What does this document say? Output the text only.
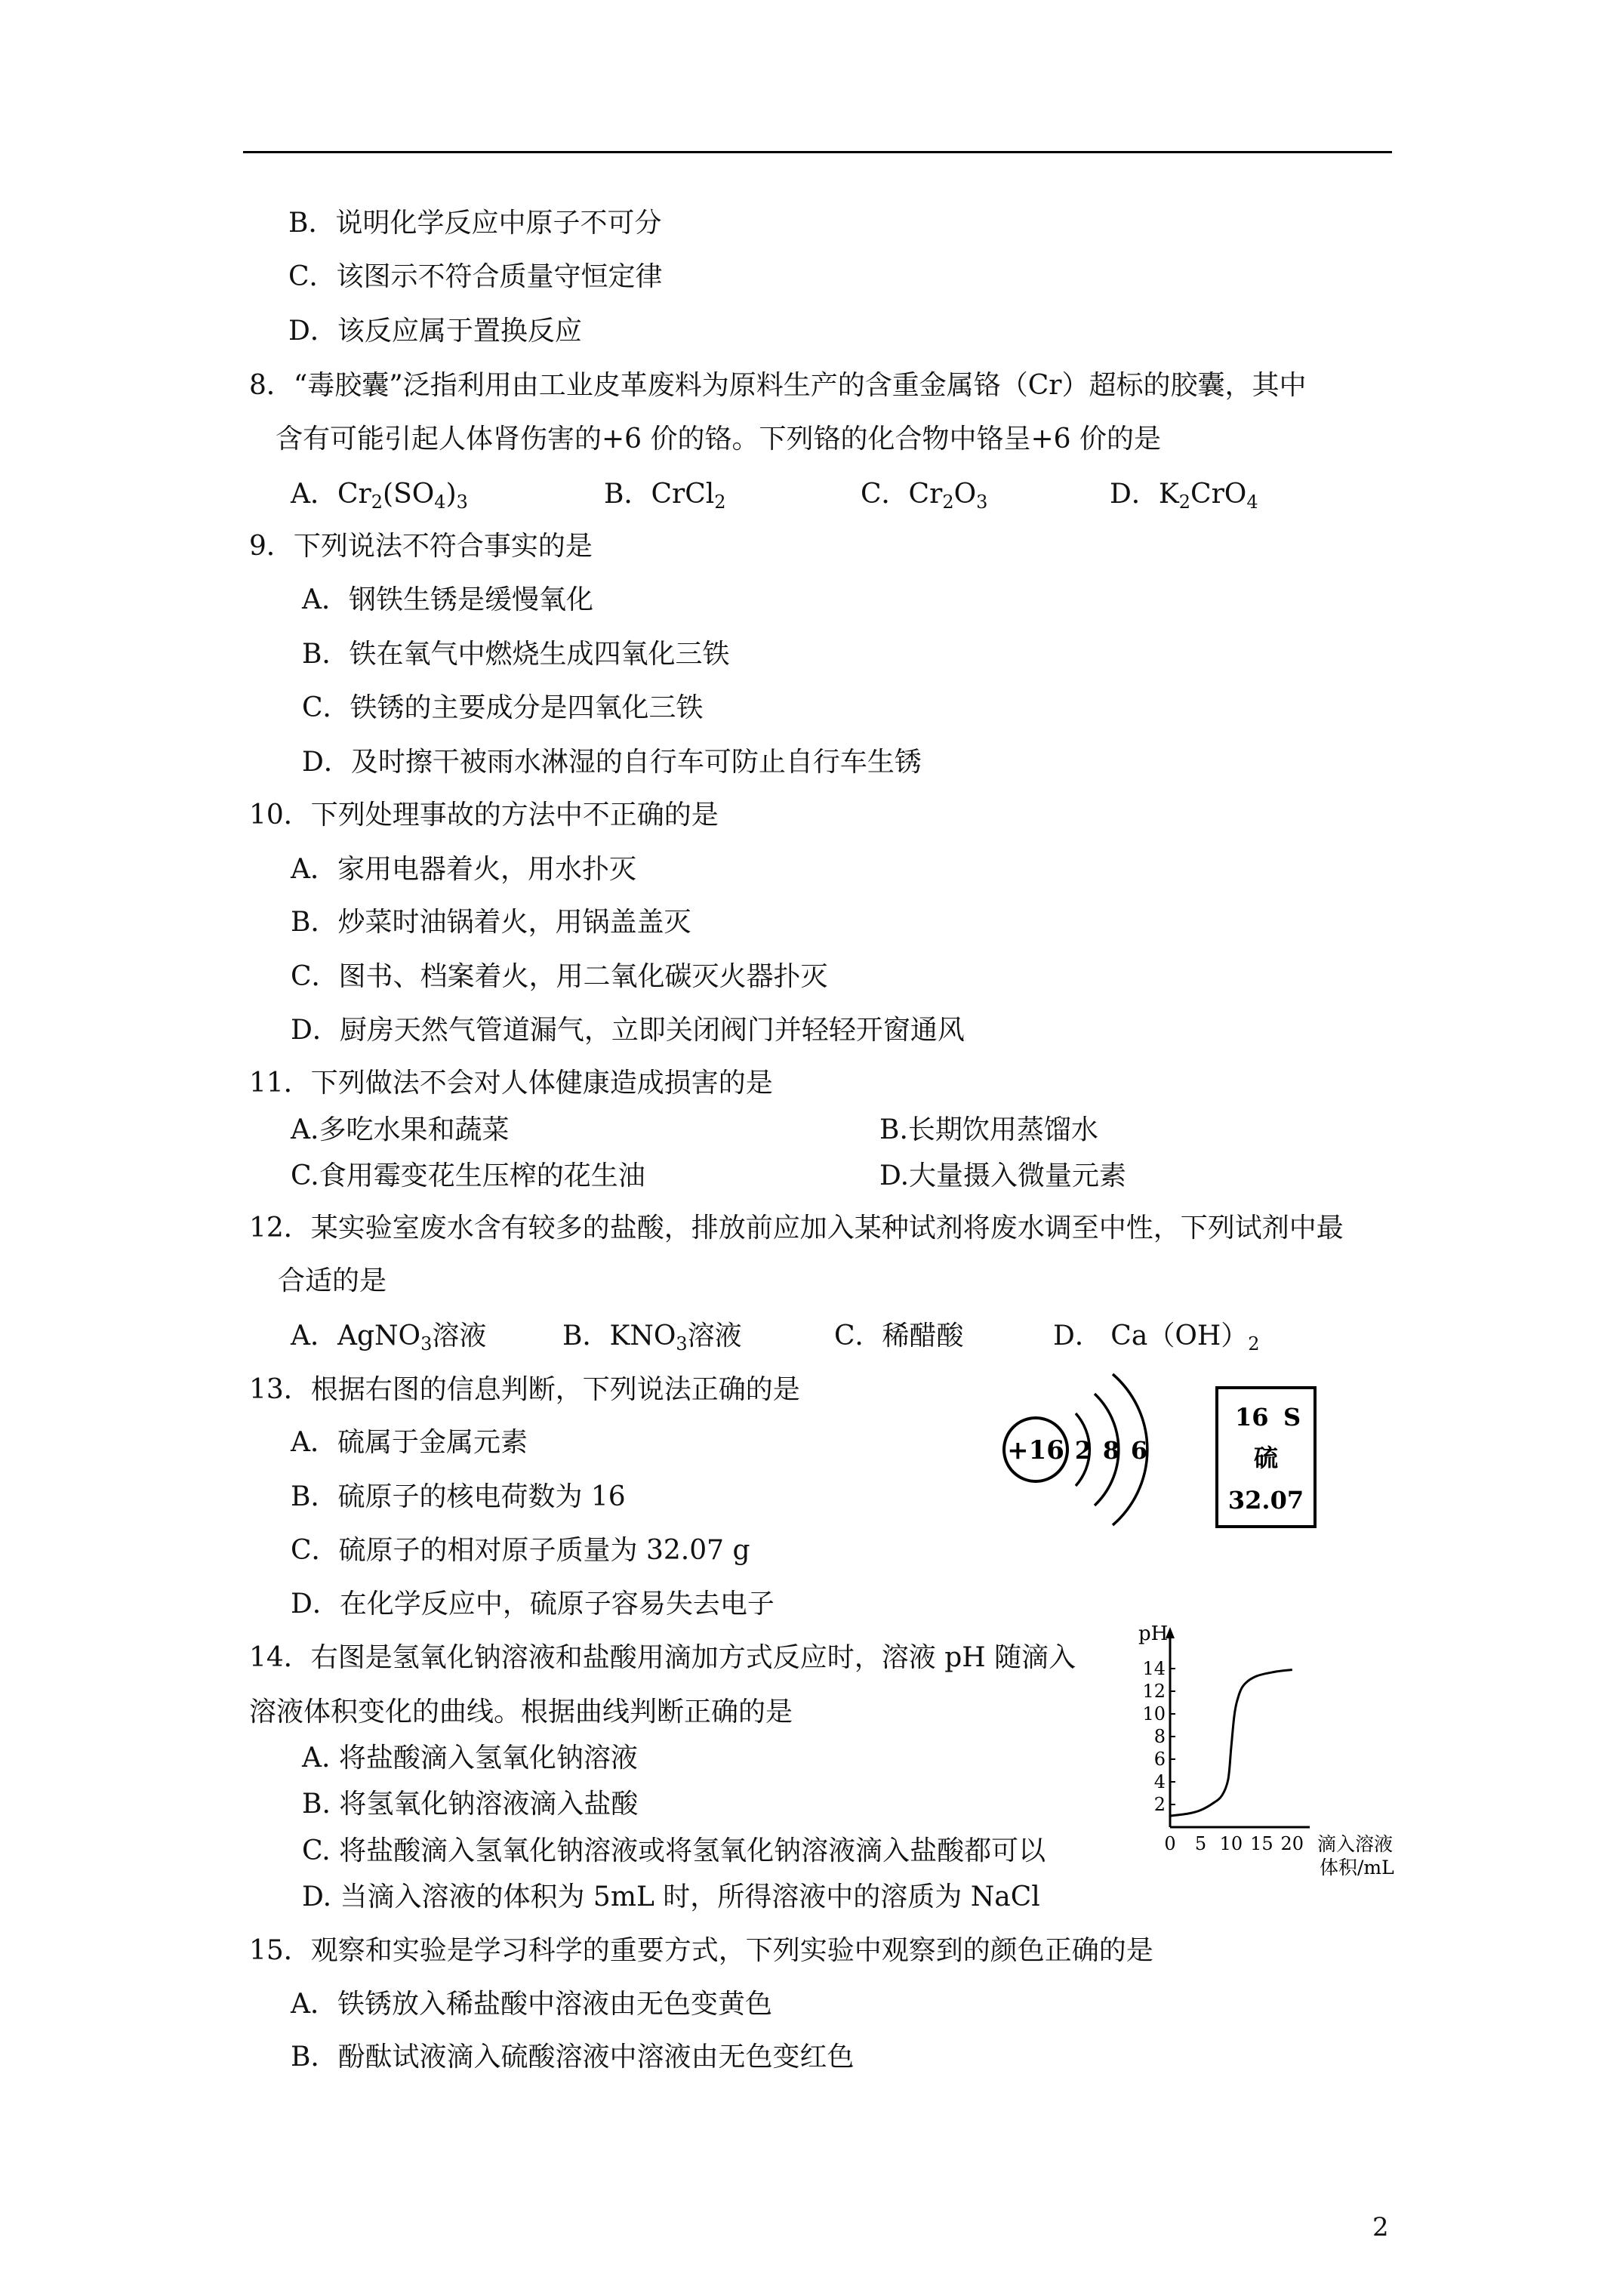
B．说明化学反应中原子不可分
C．该图示不符合质量守恒定律
D．该反应属于置换反应
8．“毒胶囊”泛指利用由工业皮革废料为原料生产的含重金属铬（Cr）超标的胶囊，其中
含有可能引起人体肾伤害的+6 价的铬。下列铬的化合物中铬呈+6 价的是
A．$Cr_2(SO_4)_3$	B．CrCl$_2$	C．$Cr_2O_3$	D．$K_2CrO_4$
9．下列说法不符合事实的是
A．钢铁生锈是缓慢氧化
B．铁在氧气中燃烧生成四氧化三铁
C．铁锈的主要成分是四氧化三铁
D．及时擦干被雨水淋湿的自行车可防止自行车生锈
10．下列处理事故的方法中不正确的是
A．家用电器着火，用水扑灭
B．炒菜时油锅着火，用锅盖盖灭
C．图书、档案着火，用二氧化碳灭火器扑灭
D．厨房天然气管道漏气，立即关闭阀门并轻轻开窗通风
11．下列做法不会对人体健康造成损害的是
A.多吃水果和蔬菜	B.长期饮用蒸馏水
C.食用霉变花生压榨的花生油	D.大量摄入微量元素
12．某实验室废水含有较多的盐酸，排放前应加入某种试剂将废水调至中性，下列试剂中最
合适的是
A．AgNO$_3$溶液	B．$KNO_3$溶液	C．稀醋酸	D． $Ca(OH)_2$
13．根据右图的信息判断，下列说法正确的是
A．硫属于金属元素
B．硫原子的核电荷数为 16
C．硫原子的相对原子质量为 32.07 g
D．在化学反应中，硫原子容易失去电子
+16 2 8 6
16 S
硫
32.07
14．右图是氢氧化钠溶液和盐酸用滴加方式反应时，溶液 pH 随滴入
溶液体积变化的曲线。根据曲线判断正确的是
A. 将盐酸滴入氢氧化钠溶液
B. 将氢氧化钠溶液滴入盐酸
C. 将盐酸滴入氢氧化钠溶液或将氢氧化钠溶液滴入盐酸都可以
D. 当滴入溶液的体积为 5mL 时，所得溶液中的溶质为 NaCl
pH
2
4
6
8
10
12
14
0 5 10 15 20 滴入溶液
体积/mL
15．观察和实验是学习科学的重要方式，下列实验中观察到的颜色正确的是
A．铁锈放入稀盐酸中溶液由无色变黄色
B．酚酞试液滴入硫酸溶液中溶液由无色变红色
2
